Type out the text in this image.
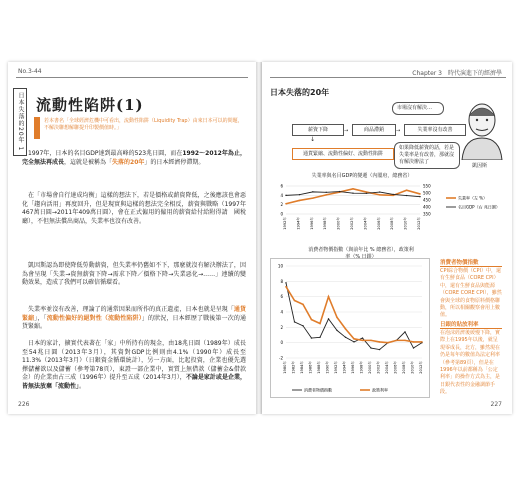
No.3-44
日本失落的20年 1 流動性陷阱(1)
若本書名「全球經濟危機中可看出，流動性陷阱（Liquidity Trap）由來日本可以的問題，不解決聯想解聯提升印製價值時。」
1997年，日本的名目GDP達到最高峰的523兆日圓，而在1992～2012年為止，完全無法再成長，這就是被稱為「失落的20年」的日本經濟停滯期。
在「市場會自行達成均衡」這樣的想法下，若是價格或薪資降低，之後應該也會惡化「趨向活用」再度回升，但是現實與這樣的想法完全相反，薪資與戰略（1997年467萬日圓→2011年409萬日圓），會在正式僱用的僱用的薪資給付給附得請　國稅廳），不但無法償出商品，失業率也沒有改善。
凱因斯認為即使降低勞動薪資，但失業率仍舊如不下，那麼就沒有解決辦法了，因為會呈現「失業→資無薪資下降→需求下降／價格下降→失業惡化→……」連續的變動效果，造成了我們可以確信循環看。
失業率並沒有改善，理論了的通常因果而所作的真正遺產，日本也就是呈現「通貨緊縮」，「流動性偏好的絕對性（流動性陷阱）」的狀況，日本經歷了戰後第一次的通貨緊縮。
日本的家計，擴實代表著在「家」中所持有的現金，由18兆日圓（1989年）成長至54兆日圓（2013年3月），其資對GDP比例則由4.1%（1990年）成長至11.3%（2013年3月）（日銀資金循環統計），另一方面，比起投資，企業也優先選擇儲蓄欲以及儲蓄（參考第78頁），東證一部企業中，實質上無借款（儲蓄金&借款金）的企業由占三成（1996年）提升至五成（2014年3月），不論是家計或是企業，皆無法放棄「流動性」。
226
Chapter 3　時代演進下的經濟學
日本失落的20年
薪資下降	→	商品滯銷	→	失業率沒有改善
↓
通貨緊縮、流動性偏好、流動性陷阱
市場沒有解決…
如果降低薪資的話，若是失業率是有改善，那就沒有解決辦法了
凱因斯
失業率與名目GDP的變遷（內閣府，總務省）
0
2
4
6
350
400
450
500
550
1992年	1994年	1996年	1998年	2000年	2002年	2004年	2006年	2008年	2010年	2012年
失業率（左 %）
名目GDP（右 兆日圓）
消費者物價指數（與前年比 % 總務省），政策利率（% 日銀）
-2
0
2
4
6
8
10
1980年 1982年 1984年 1986年 1988年 1990年 1992年 1994年 1996年 1998年 2000年 2002年 2004年 2006年 2008年 2010年 2012年
消費者物價指數	政策利率
消費者物價指數
CPI綜合物價（CPI）中，還有生鮮食品（CORE CPI）中，還有生鮮食品與能源（CORE CORE CPI），雖然會與全球的食物原料價格聯動，所以相關觀察會用上數值。
日銀的貼放利率
在泡沫經濟後緩慢下降，實際上在1995年以後，就呈現零成長，北方，雖然現在仍是每年的數值為法定利率（參考第89頁），但是在1996年以前都稱為「公定利率」的操作方式為主，是日銀代表性的金融調節手段。
227
